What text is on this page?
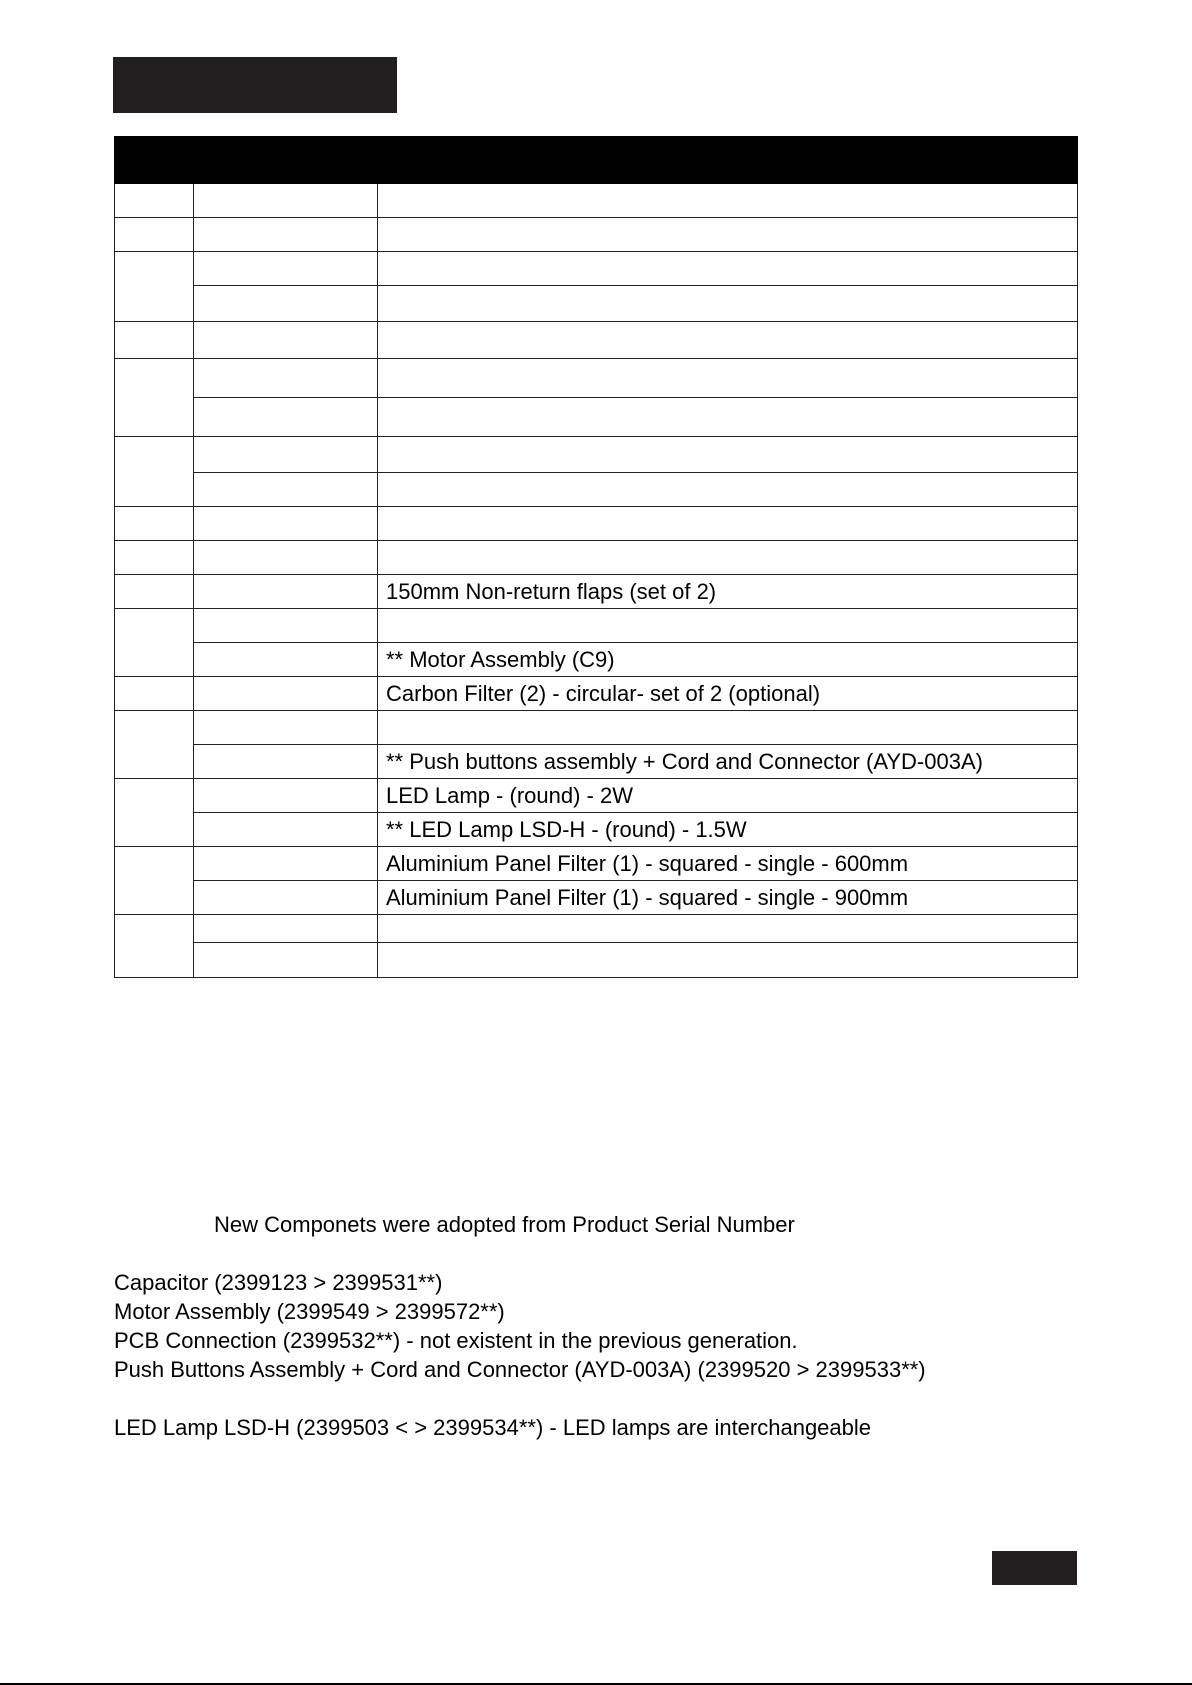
		150mm Non-return flaps (set of 2)

		** Motor Assembly (C9)
		Carbon Filter (2) - circular- set of 2 (optional)

		** Push buttons assembly + Cord and Connector (AYD-003A)
		LED Lamp - (round) - 2W
		** LED Lamp LSD-H - (round) - 1.5W
		Aluminium Panel Filter (1) - squared - single - 600mm
		Aluminium Panel Filter (1) - squared - single - 900mm

New Componets were adopted from Product Serial Number
Capacitor (2399123 > 2399531**)
Motor Assembly (2399549 > 2399572**)
PCB Connection (2399532**) - not existent in the previous generation.
Push Buttons Assembly + Cord and Connector (AYD-003A) (2399520 > 2399533**)
LED Lamp LSD-H (2399503 < > 2399534**) - LED lamps are interchangeable
